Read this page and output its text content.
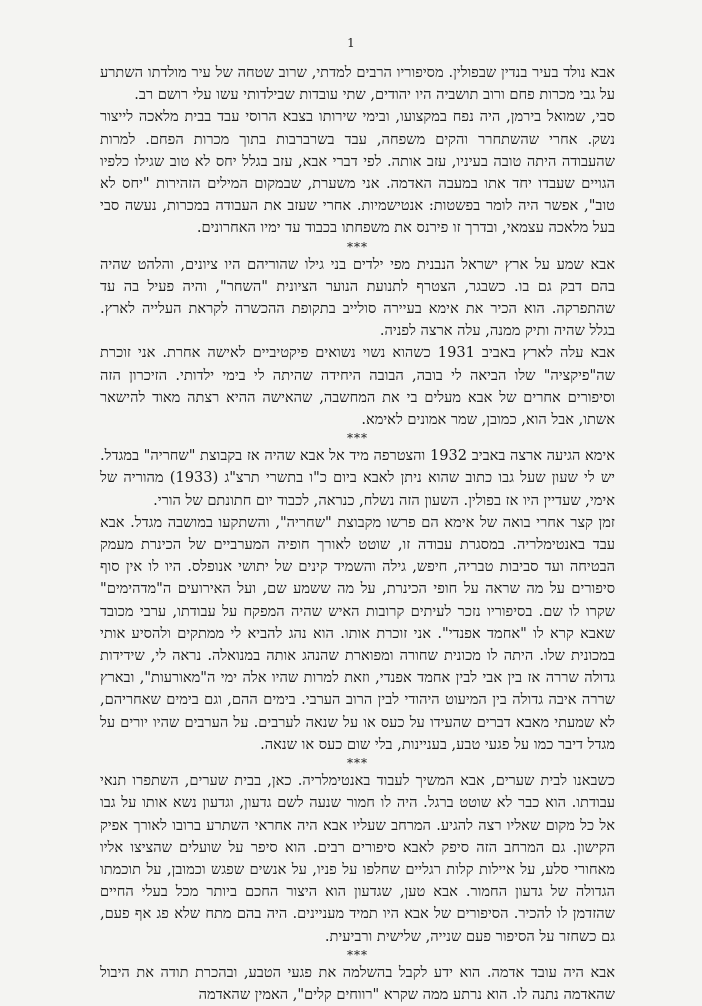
1

אבא נולד בעיר בנדין שבפולין. מסיפוריו הרבים למדתי, שרוב שטחה של עיר מולדתו השתרע על גבי מכרות פחם ורוב תושביה היו יהודים, שתי עובדות שבילדותי עשו עלי רושם רב.

סבי, שמואל בירמן, היה נפח במקצועו, ובימי שירותו בצבא הרוסי עבד בבית מלאכה לייצור נשק. אחרי שהשתחרר והקים משפחה, עבד בשרברבות בתוך מכרות הפחם. למרות שהעבודה היתה טובה בעיניו, עזב אותה. לפי דברי אבא, עזב בגלל יחס לא טוב שגילו כלפיו הגויים שעבדו יחד אתו במעבה האדמה. אני משערת, שבמקום המילים הזהירות "יחס לא טוב", אפשר היה לומר בפשטות: אנטישמיות. אחרי שעזב את העבודה במכרות, נעשה סבי בעל מלאכה עצמאי, ובדרך זו פירנס את משפחתו בכבוד עד ימיו האחרונים.

***

אבא שמע על ארץ ישראל הנבנית מפי ילדים בני גילו שהוריהם היו ציונים, והלהט שהיה בהם דבק גם בו. כשבגר, הצטרף לתנועת הנוער הציונית "השחר", והיה פעיל בה עד שהתפרקה. הוא הכיר את אימא בעיירה סולייב בתקופת ההכשרה לקראת העלייה לארץ. בגלל שהיה ותיק ממנה, עלה ארצה לפניה.

אבא עלה לארץ באביב 1931 כשהוא נשוי נשואים פיקטיביים לאישה אחרת. אני זוכרת שה"פיקציה" שלו הביאה לי בובה, הבובה היחידה שהיתה לי בימי ילדותי. הזיכרון הזה וסיפורים אחרים של אבא מעלים בי את המחשבה, שהאישה ההיא רצתה מאוד להישאר אשתו, אבל הוא, כמובן, שמר אמונים לאימא.

***

אימא הגיעה ארצה באביב 1932 והצטרפה מיד אל אבא שהיה אז בקבוצת "שחריה" במגדל. יש לי שעון שעל גבו כתוב שהוא ניתן לאבא ביום כ"ו בתשרי תרצ"ג (1933) מהוריה של אימי, שעדיין היו אז בפולין. השעון הזה נשלח, כנראה, לכבוד יום חתונתם של הורי.

זמן קצר אחרי בואה של אימא הם פרשו מקבוצת "שחריה", והשתקעו במושבה מגדל. אבא עבד באנטימלריה. במסגרת עבודה זו, שוטט לאורך חופיה המערביים של הכינרת מעמק הבטיחה ועד סביבות טבריה, חיפש, גילה והשמיד קינים של יתושי אנופלס. היו לו אין סוף סיפורים על מה שראה על חופי הכינרת, על מה ששמע שם, ועל האירועים ה"מדהימים" שקרו לו שם. בסיפוריו נזכר לעיתים קרובות האיש שהיה המפקח על עבודתו, ערבי מכובד שאבא קרא לו "אחמד אפנדי". אני זוכרת אותו. הוא נהג להביא לי ממתקים ולהסיע אותי במכונית שלו. היתה לו מכונית שחורה ומפוארת שהנהג אותה במנואלה. נראה לי, שידידות גדולה שררה אז בין אבי לבין אחמד אפנדי, וזאת למרות שהיו אלה ימי ה"מאורעות", ובארץ שררה איבה גדולה בין המיעוט היהודי לבין הרוב הערבי. בימים ההם, וגם בימים שאחריהם, לא שמעתי מאבא דברים שהעידו על כעס או על שנאה לערבים. על הערבים שהיו יורים על מגדל דיבר כמו על פגעי טבע, בעניינות, בלי שום כעס או שנאה.

***

כשבאנו לבית שערים, אבא המשיך לעבוד באנטימלריה. כאן, בבית שערים, השתפרו תנאי עבודתו. הוא כבר לא שוטט ברגל. היה לו חמור שנעה לשם גדעון, וגדעון נשא אותו על גבו אל כל מקום שאליו רצה להגיע. המרחב שעליו אבא היה אחראי השתרע ברובו לאורך אפיק הקישון. גם המרחב הזה סיפק לאבא סיפורים רבים. הוא סיפר על שועלים שהציצו אליו מאחורי סלע, על איילות קלות רגליים שחלפו על פניו, על אנשים שפגש וכמובן, על תוכמתו הגדולה של גדעון החמור. אבא טען, שגדעון הוא היצור החכם ביותר מכל בעלי החיים שהזדמן לו להכיר. הסיפורים של אבא היו תמיד מעניינים. היה בהם מתח שלא פג אף פעם, גם כשחזר על הסיפור פעם שנייה, שלישית ורביעית.

***

אבא היה עובד אדמה. הוא ידע לקבל בהשלמה את פגעי הטבע, ובהכרת תודה את היבול שהאדמה נתנה לו. הוא נרתע ממה שקרא "רווחים קלים", האמין שהאדמה
